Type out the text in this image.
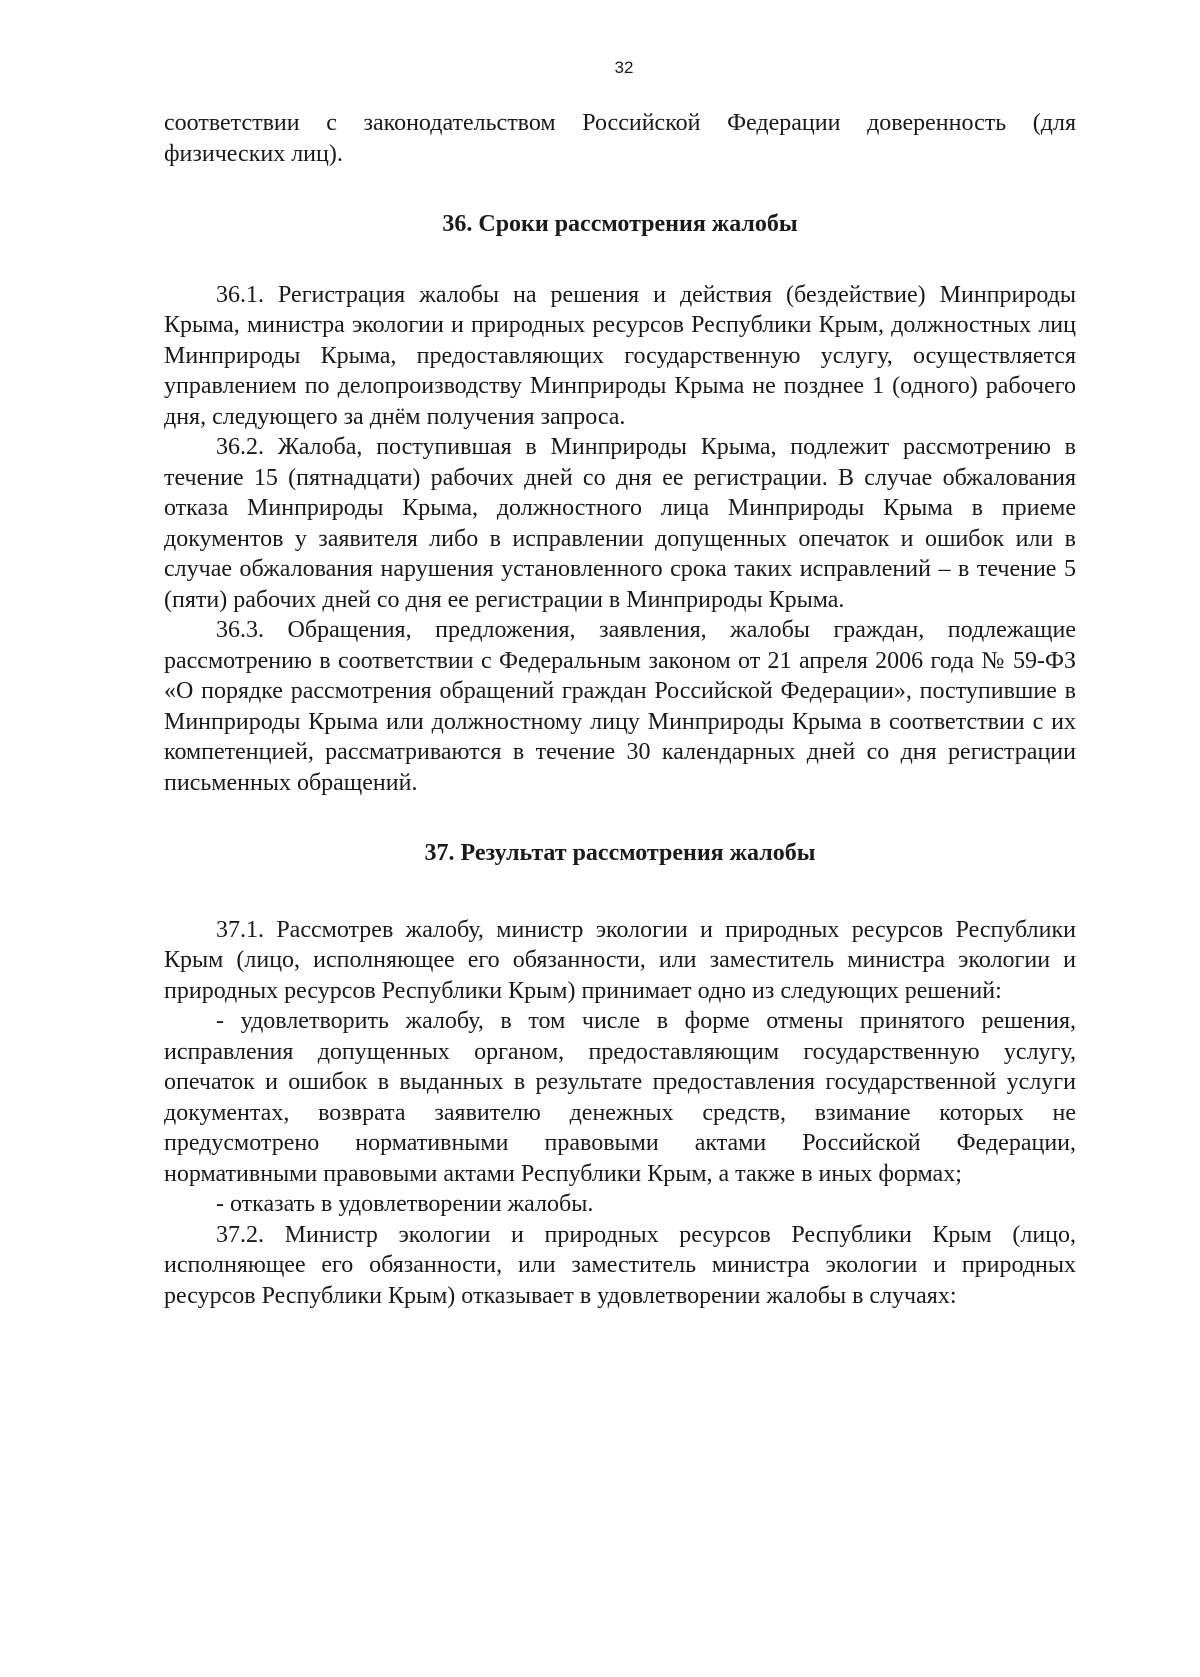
32

соответствии с законодательством Российской Федерации доверенность (для физических лиц).

36. Сроки рассмотрения жалобы

36.1. Регистрация жалобы на решения и действия (бездействие) Минприроды Крыма, министра экологии и природных ресурсов Республики Крым, должностных лиц Минприроды Крыма, предоставляющих государственную услугу, осуществляется управлением по делопроизводству Минприроды Крыма не позднее 1 (одного) рабочего дня, следующего за днём получения запроса.

36.2. Жалоба, поступившая в Минприроды Крыма, подлежит рассмотрению в течение 15 (пятнадцати) рабочих дней со дня ее регистрации. В случае обжалования отказа Минприроды Крыма, должностного лица Минприроды Крыма в приеме документов у заявителя либо в исправлении допущенных опечаток и ошибок или в случае обжалования нарушения установленного срока таких исправлений – в течение 5 (пяти) рабочих дней со дня ее регистрации в Минприроды Крыма.

36.3. Обращения, предложения, заявления, жалобы граждан, подлежащие рассмотрению в соответствии с Федеральным законом от 21 апреля 2006 года № 59-ФЗ «О порядке рассмотрения обращений граждан Российской Федерации», поступившие в Минприроды Крыма или должностному лицу Минприроды Крыма в соответствии с их компетенцией, рассматриваются в течение 30 календарных дней со дня регистрации письменных обращений.

37. Результат рассмотрения жалобы

37.1. Рассмотрев жалобу, министр экологии и природных ресурсов Республики Крым (лицо, исполняющее его обязанности, или заместитель министра экологии и природных ресурсов Республики Крым) принимает одно из следующих решений:

- удовлетворить жалобу, в том числе в форме отмены принятого решения, исправления допущенных органом, предоставляющим государственную услугу, опечаток и ошибок в выданных в результате предоставления государственной услуги документах, возврата заявителю денежных средств, взимание которых не предусмотрено нормативными правовыми актами Российской Федерации, нормативными правовыми актами Республики Крым, а также в иных формах;

- отказать в удовлетворении жалобы.

37.2. Министр экологии и природных ресурсов Республики Крым (лицо, исполняющее его обязанности, или заместитель министра экологии и природных ресурсов Республики Крым) отказывает в удовлетворении жалобы в случаях:
